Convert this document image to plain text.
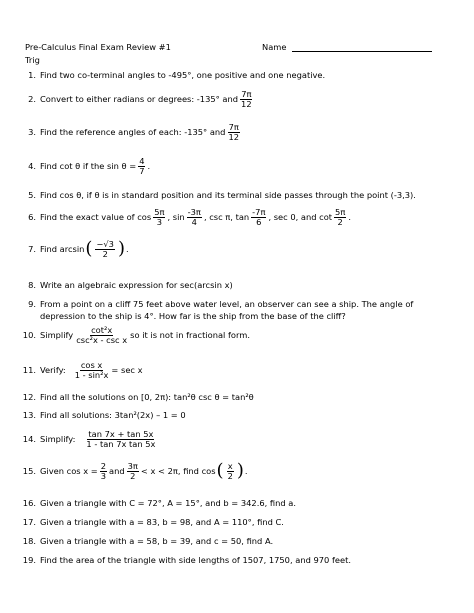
Pre-Calculus Final Exam Review #1
Trig
Name
1. Find two co-terminal angles to -495°, one positive and one negative.
2. Convert to either radians or degrees: -135° and $\frac{7\pi}{12}$
3. Find the reference angles of each: -135° and $\frac{7\pi}{12}$
4. Find cot θ if the $\sin \theta = \frac{4}{7}$ .
5. Find cos θ, if θ is in standard position and its terminal side passes through the point (-3,3).
6. Find the exact value of $\cos \frac{5\pi}{3}$ , $\sin \frac{-3\pi}{4}$ , csc π, $\tan \frac{-7\pi}{6}$ , sec 0, and $\cot \frac{5\pi}{2}$ .
7. Find arcsin ( $\frac{-√3}{2}$ ) .
8. Write an algebraic expression for sec(arcsin x)
9. From a point on a cliff 75 feet above water level, an observer can see a ship. The angle of
depression to the ship is 4°. How far is the ship from the base of the cliff?
10. Simplify $\frac{\text{cot²x}}{\text{csc²x - csc x}}$ so it is not in fractional form.
11. Verify: $\frac{\text{cos x}}{\text{1 - sin²x}} = \sec x$
12. Find all the solutions on [0, 2π): tan²θ csc θ = tan²θ
13. Find all solutions: 3tan²(2x) – 1 = 0
14. Simplify: $\frac{\tan 7x + \tan 5x}{\text{1 - tan 7x tan 5x}}$
15. Given $\cos x = \frac{2}{3}$ and $\frac{3\pi}{2} < x < 2\pi$, find cos ( $\frac{x}{2}$ ) .
16. Given a triangle with C = 72°, A = 15°, and b = 342.6, find a.
17. Given a triangle with a = 83, b = 98, and A = 110°, find C.
18. Given a triangle with a = 58, b = 39, and c = 50, find A.
19. Find the area of the triangle with side lengths of 1507, 1750, and 970 feet.
